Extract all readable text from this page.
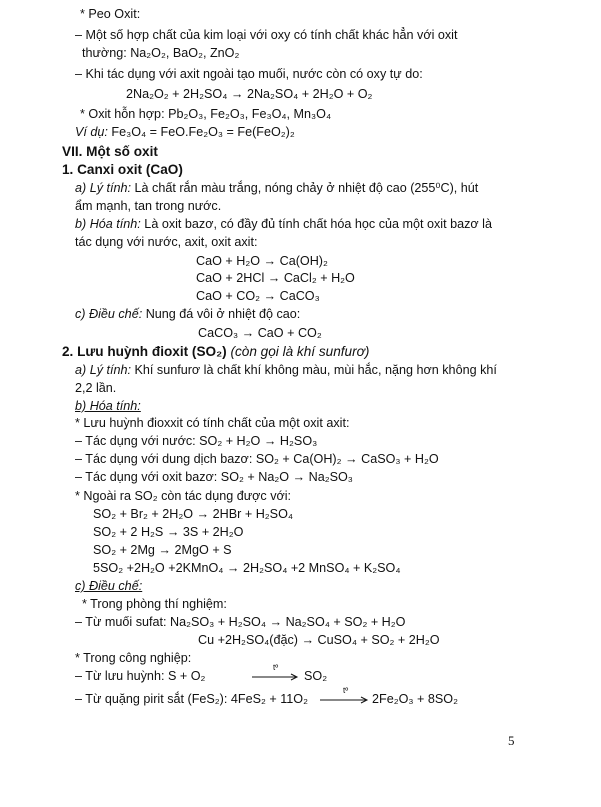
* Peo Oxit:
– Một số hợp chất của kim loại với oxy có tính chất khác hẳn với oxit
thường: Na₂O₂, BaO₂, ZnO₂
– Khi tác dụng với axit ngoài tạo muối, nước còn có oxy tự do:
2Na₂O₂ + 2H₂SO₄ → 2Na₂SO₄ + 2H₂O + O₂
* Oxit hỗn hợp: Pb₂O₃, Fe₂O₃, Fe₃O₄, Mn₃O₄
Ví dụ: Fe₃O₄ = FeO.Fe₂O₃ = Fe(FeO₂)₂
VII. Một số oxit
1. Canxi oxit (CaO)
a) Lý tính: Là chất rắn màu trắng, nóng chảy ở nhiệt độ cao (255⁰C), hút
ẩm mạnh, tan trong nước.
b) Hóa tính: Là oxit bazơ, có đầy đủ tính chất hóa học của một oxit bazơ là
tác dụng với nước, axit, oxit axit:
CaO + H₂O → Ca(OH)₂
CaO + 2HCl → CaCl₂ + H₂O
CaO + CO₂ → CaCO₃
c) Điều chế: Nung đá vôi ở nhiệt độ cao:
CaCO₃ → CaO + CO₂
2. Lưu huỳnh đioxit (SO₂) (còn gọi là khí sunfurơ)
a) Lý tính: Khí sunfurơ là chất khí không màu, mùi hắc, nặng hơn không khí
2,2 lần.
b) Hóa tính:
* Lưu huỳnh đioxxit có tính chất của một oxit axit:
– Tác dụng với nước: SO₂ + H₂O → H₂SO₃
– Tác dụng với dung dịch bazơ: SO₂ + Ca(OH)₂ → CaSO₃ + H₂O
– Tác dụng với oxit bazơ: SO₂ + Na₂O → Na₂SO₃
* Ngoài ra SO₂ còn tác dụng được với:
SO₂ + Br₂ + 2H₂O → 2HBr + H₂SO₄
SO₂ + 2 H₂S → 3S + 2H₂O
SO₂ + 2Mg → 2MgO + S
5SO₂ +2H₂O +2KMnO₄ → 2H₂SO₄ +2 MnSO₄ + K₂SO₄
c) Điều chế:
* Trong phòng thí nghiệm:
– Từ muối sufat: Na₂SO₃ + H₂SO₄ → Na₂SO₄ + SO₂ + H₂O
Cu +2H₂SO₄(đặc) → CuSO₄ + SO₂ + 2H₂O
* Trong công nghiệp:
– Từ lưu huỳnh: S + O₂	SO₂
– Từ quặng pirit sắt (FeS₂): 4FeS₂ + 11O₂	2Fe₂O₃ + 8SO₂
tº
tº
5
